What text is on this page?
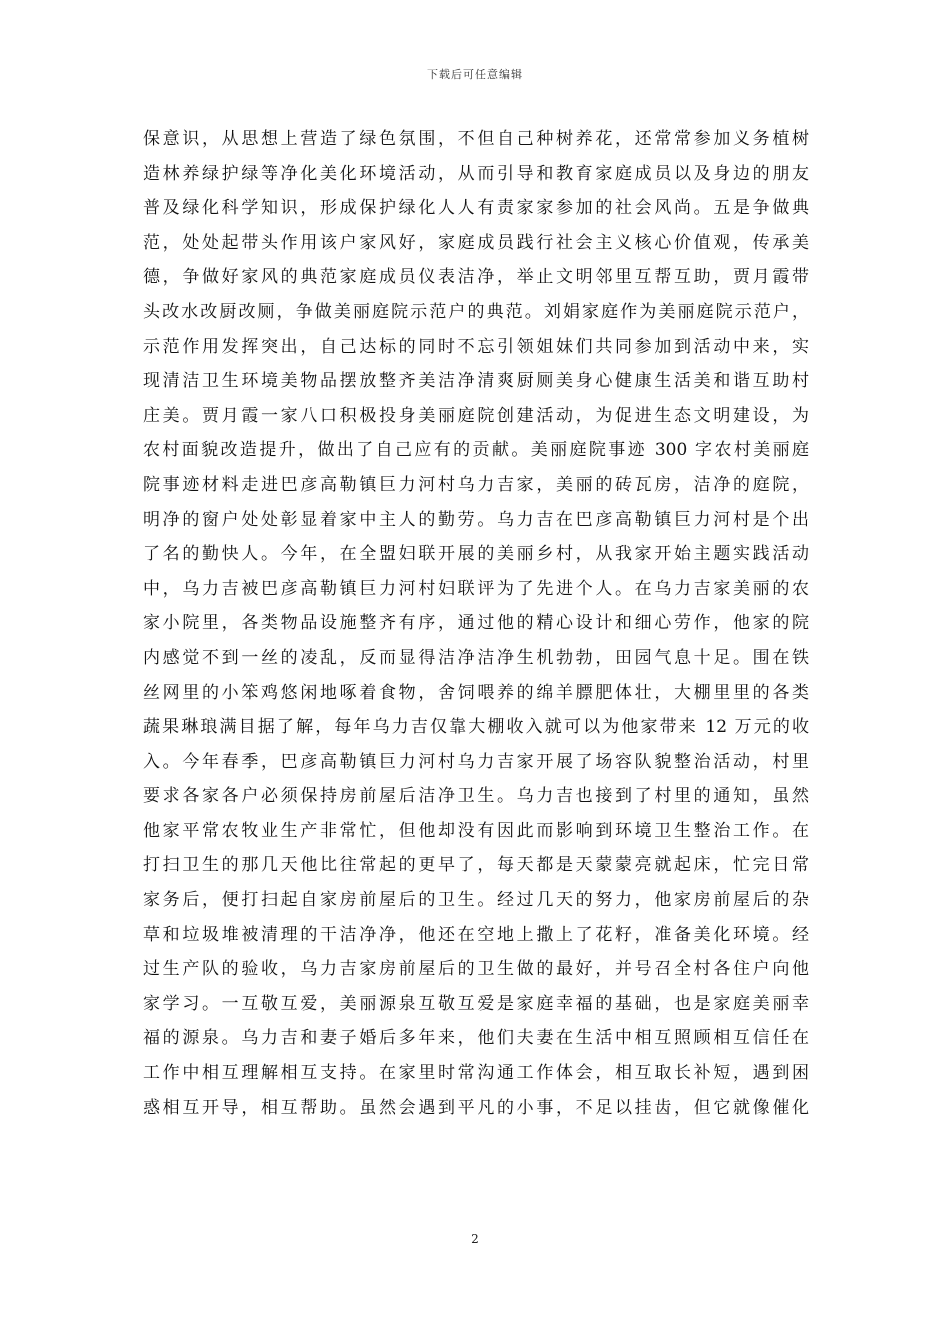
下载后可任意编辑
保意识，从思想上营造了绿色氛围，不但自己种树养花，还常常参加义务植树
造林养绿护绿等净化美化环境活动，从而引导和教育家庭成员以及身边的朋友
普及绿化科学知识，形成保护绿化人人有责家家参加的社会风尚。五是争做典
范，处处起带头作用该户家风好，家庭成员践行社会主义核心价值观，传承美
德，争做好家风的典范家庭成员仪表洁净，举止文明邻里互帮互助，贾月霞带
头改水改厨改厕，争做美丽庭院示范户的典范。刘娟家庭作为美丽庭院示范户，
示范作用发挥突出，自己达标的同时不忘引领姐妹们共同参加到活动中来，实
现清洁卫生环境美物品摆放整齐美洁净清爽厨厕美身心健康生活美和谐互助村
庄美。贾月霞一家八口积极投身美丽庭院创建活动，为促进生态文明建设，为
农村面貌改造提升，做出了自己应有的贡献。美丽庭院事迹 300 字农村美丽庭
院事迹材料走进巴彦高勒镇巨力河村乌力吉家，美丽的砖瓦房，洁净的庭院，
明净的窗户处处彰显着家中主人的勤劳。乌力吉在巴彦高勒镇巨力河村是个出
了名的勤快人。今年，在全盟妇联开展的美丽乡村，从我家开始主题实践活动
中，乌力吉被巴彦高勒镇巨力河村妇联评为了先进个人。在乌力吉家美丽的农
家小院里，各类物品设施整齐有序，通过他的精心设计和细心劳作，他家的院
内感觉不到一丝的凌乱，反而显得洁净洁净生机勃勃，田园气息十足。围在铁
丝网里的小笨鸡悠闲地啄着食物，舍饲喂养的绵羊膘肥体壮，大棚里里的各类
蔬果琳琅满目据了解，每年乌力吉仅靠大棚收入就可以为他家带来 12 万元的收
入。今年春季，巴彦高勒镇巨力河村乌力吉家开展了场容队貌整治活动，村里
要求各家各户必须保持房前屋后洁净卫生。乌力吉也接到了村里的通知，虽然
他家平常农牧业生产非常忙，但他却没有因此而影响到环境卫生整治工作。在
打扫卫生的那几天他比往常起的更早了，每天都是天蒙蒙亮就起床，忙完日常
家务后，便打扫起自家房前屋后的卫生。经过几天的努力，他家房前屋后的杂
草和垃圾堆被清理的干洁净净，他还在空地上撒上了花籽，准备美化环境。经
过生产队的验收，乌力吉家房前屋后的卫生做的最好，并号召全村各住户向他
家学习。一互敬互爱，美丽源泉互敬互爱是家庭幸福的基础，也是家庭美丽幸
福的源泉。乌力吉和妻子婚后多年来，他们夫妻在生活中相互照顾相互信任在
工作中相互理解相互支持。在家里时常沟通工作体会，相互取长补短，遇到困
惑相互开导，相互帮助。虽然会遇到平凡的小事，不足以挂齿，但它就像催化
2
